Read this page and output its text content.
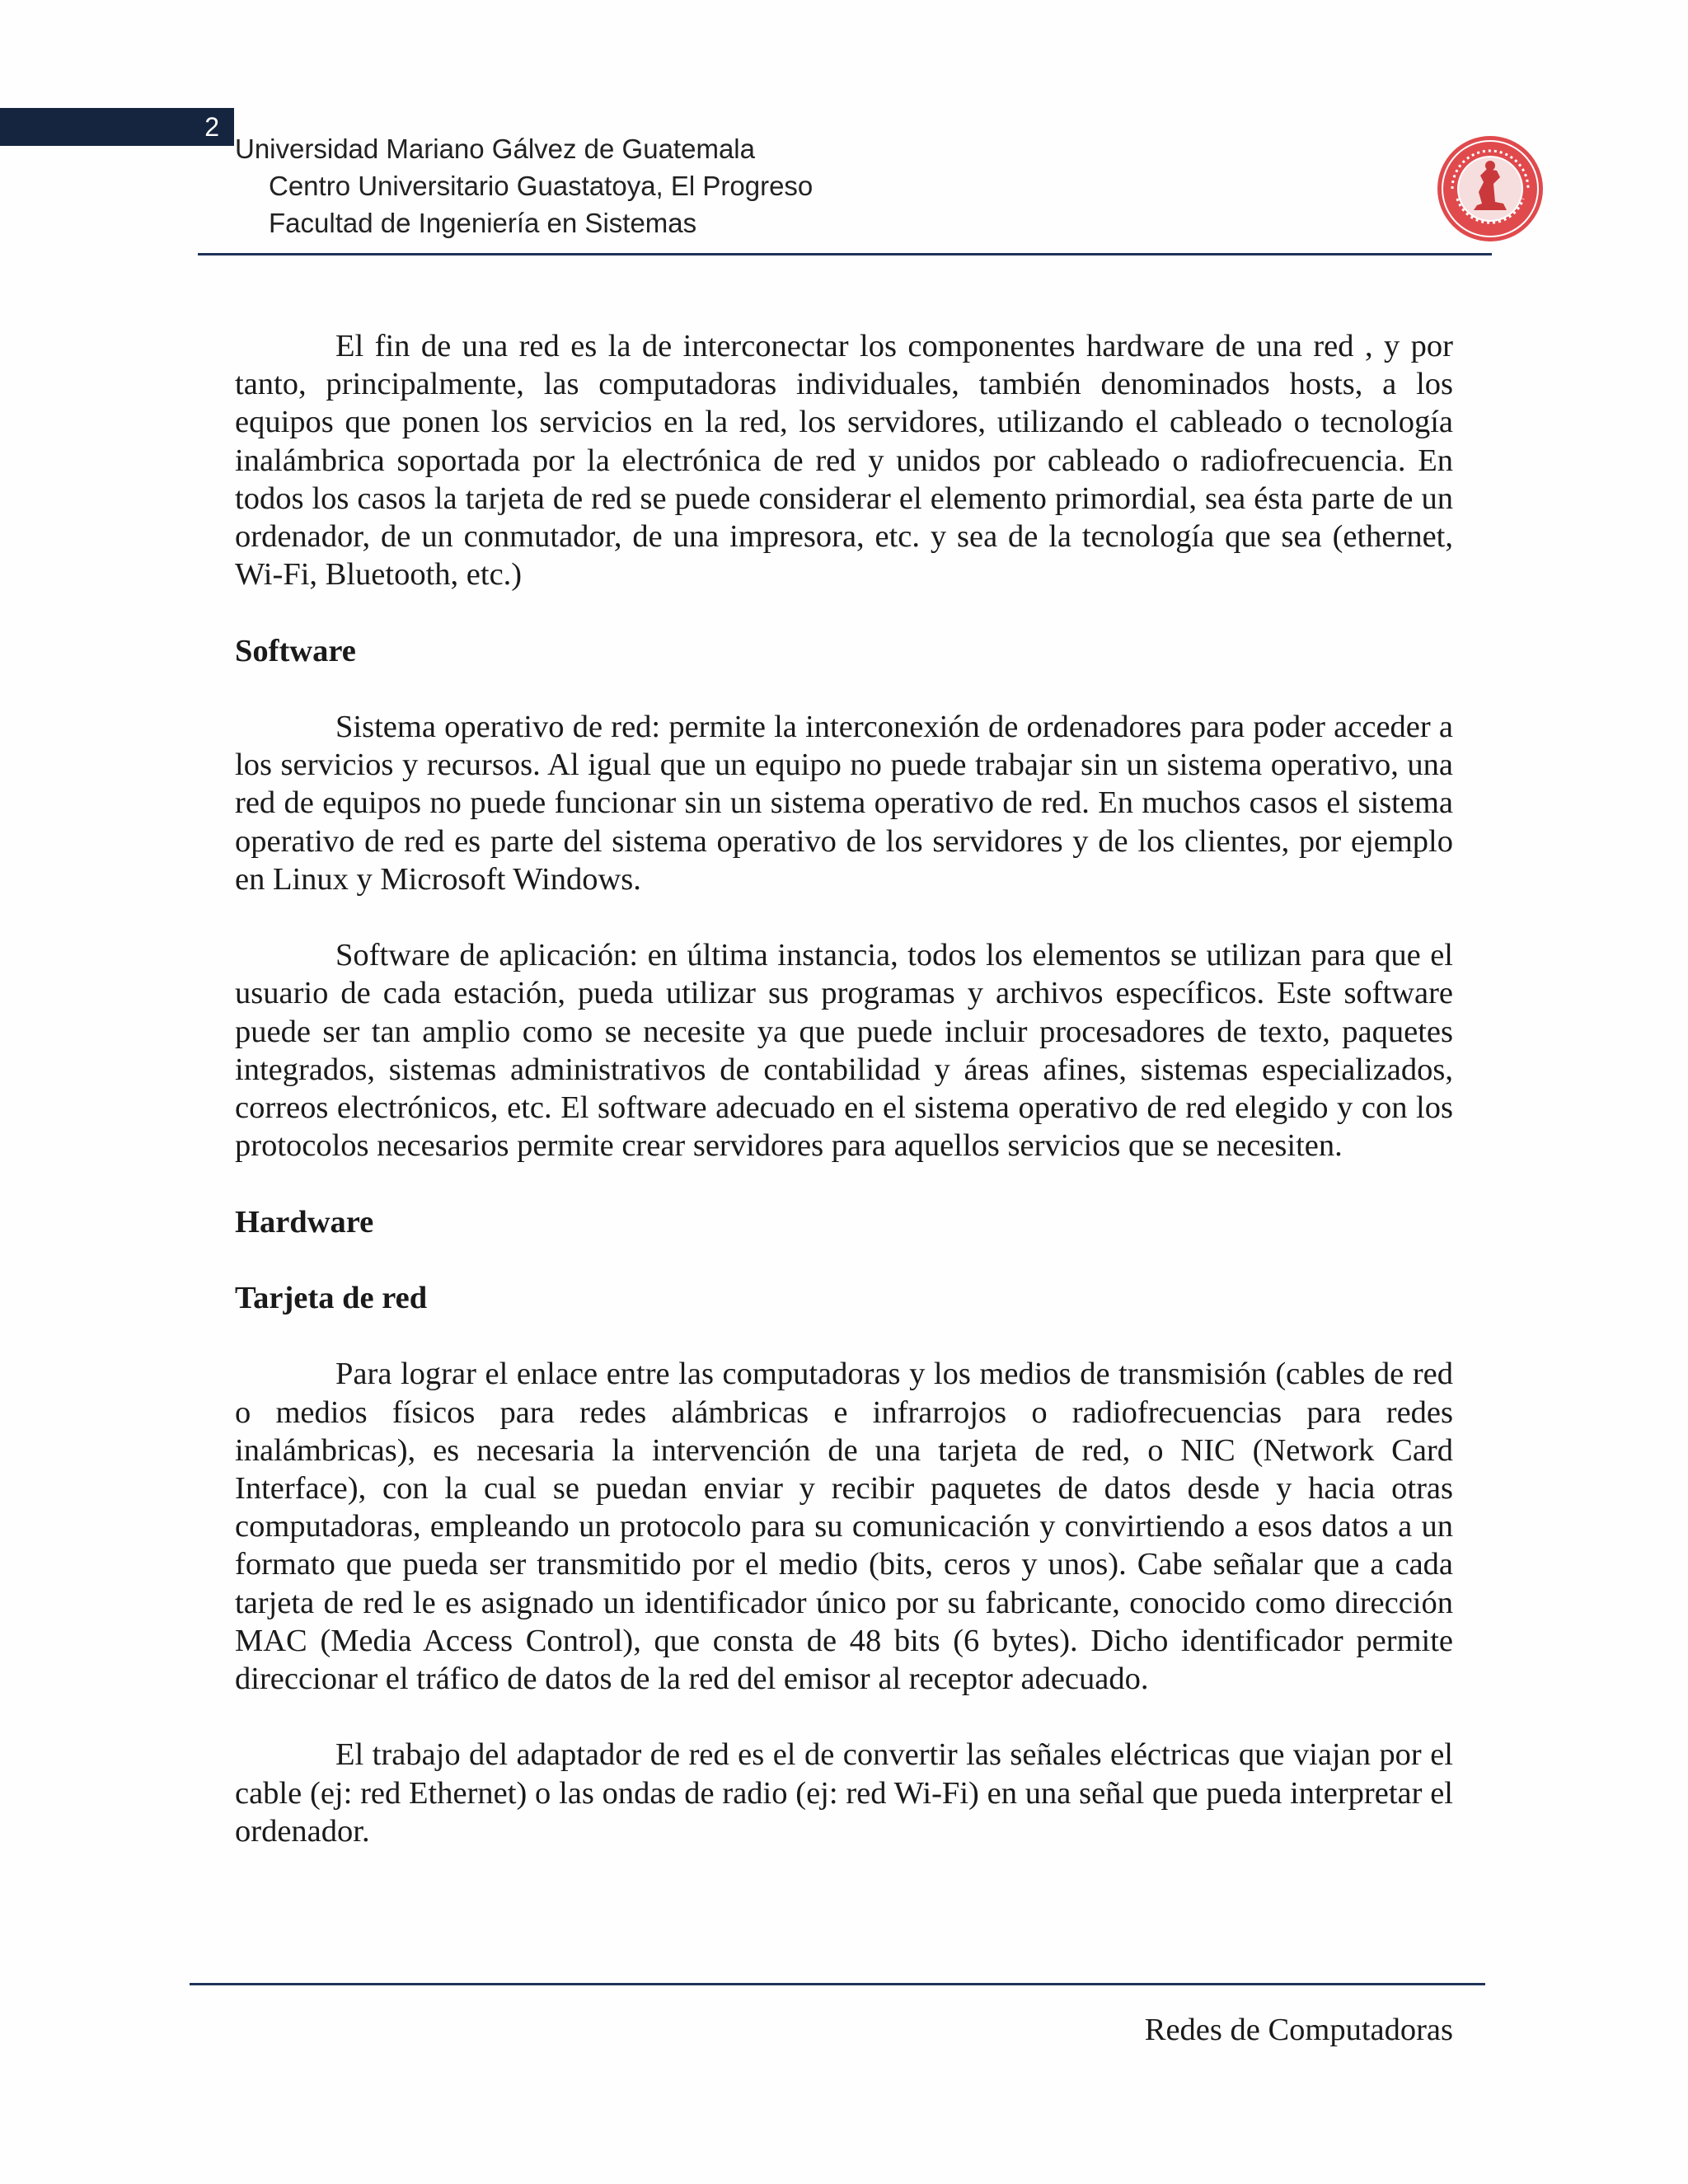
2
Universidad Mariano Gálvez de Guatemala
Centro Universitario Guastatoya, El Progreso
Facultad de Ingeniería en Sistemas

El fin de una red es la de interconectar los componentes hardware de una red , y por tanto, principalmente, las computadoras individuales, también denominados hosts, a los equipos que ponen los servicios en la red, los servidores, utilizando el cableado o tecnología inalámbrica soportada por la electrónica de red y unidos por cableado o radiofrecuencia. En todos los casos la tarjeta de red se puede considerar el elemento primordial, sea ésta parte de un ordenador, de un conmutador, de una impresora, etc. y sea de la tecnología que sea (ethernet, Wi-Fi, Bluetooth, etc.)

Software

Sistema operativo de red: permite la interconexión de ordenadores para poder acceder a los servicios y recursos. Al igual que un equipo no puede trabajar sin un sistema operativo, una red de equipos no puede funcionar sin un sistema operativo de red. En muchos casos el sistema operativo de red es parte del sistema operativo de los servidores y de los clientes, por ejemplo en Linux y Microsoft Windows.

Software de aplicación: en última instancia, todos los elementos se utilizan para que el usuario de cada estación, pueda utilizar sus programas y archivos específicos. Este software puede ser tan amplio como se necesite ya que puede incluir procesadores de texto, paquetes integrados, sistemas administrativos de contabilidad y áreas afines, sistemas especializados, correos electrónicos, etc. El software adecuado en el sistema operativo de red elegido y con los protocolos necesarios permite crear servidores para aquellos servicios que se necesiten.

Hardware
Tarjeta de red

Para lograr el enlace entre las computadoras y los medios de transmisión (cables de red o medios físicos para redes alámbricas e infrarrojos o radiofrecuencias para redes inalámbricas), es necesaria la intervención de una tarjeta de red, o NIC (Network Card Interface), con la cual se puedan enviar y recibir paquetes de datos desde y hacia otras computadoras, empleando un protocolo para su comunicación y convirtiendo a esos datos a un formato que pueda ser transmitido por el medio (bits, ceros y unos). Cabe señalar que a cada tarjeta de red le es asignado un identificador único por su fabricante, conocido como dirección MAC (Media Access Control), que consta de 48 bits (6 bytes). Dicho identificador permite direccionar el tráfico de datos de la red del emisor al receptor adecuado.

El trabajo del adaptador de red es el de convertir las señales eléctricas que viajan por el cable (ej: red Ethernet) o las ondas de radio (ej: red Wi-Fi) en una señal que pueda interpretar el ordenador.

Redes de Computadoras
